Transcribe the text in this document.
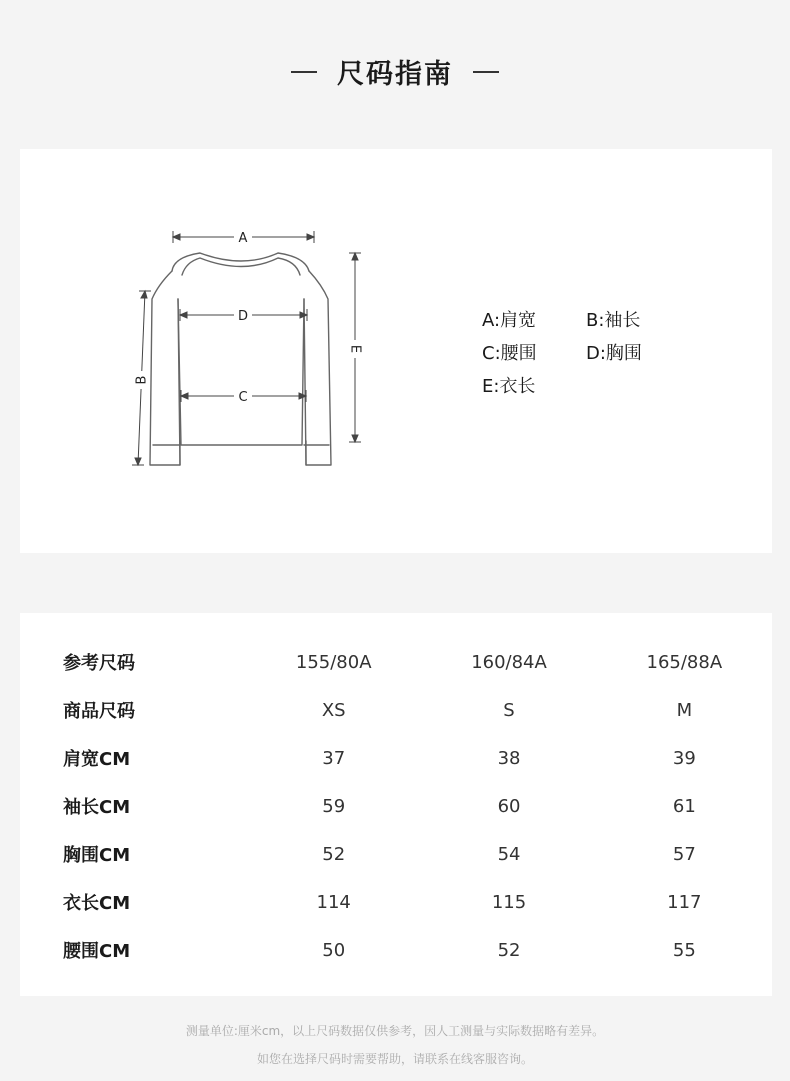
尺码指南
A
D
C
B
E
A:肩宽	B:袖长
C:腰围	D:胸围
E:衣长
参考尺码	155/80A	160/84A	165/88A
商品尺码	XS	S	M
肩宽CM	37	38	39
袖长CM	59	60	61
胸围CM	52	54	57
衣长CM	114	115	117
腰围CM	50	52	55
测量单位:厘米cm，以上尺码数据仅供参考，因人工测量与实际数据略有差异。
如您在选择尺码时需要帮助，请联系在线客服咨询。
